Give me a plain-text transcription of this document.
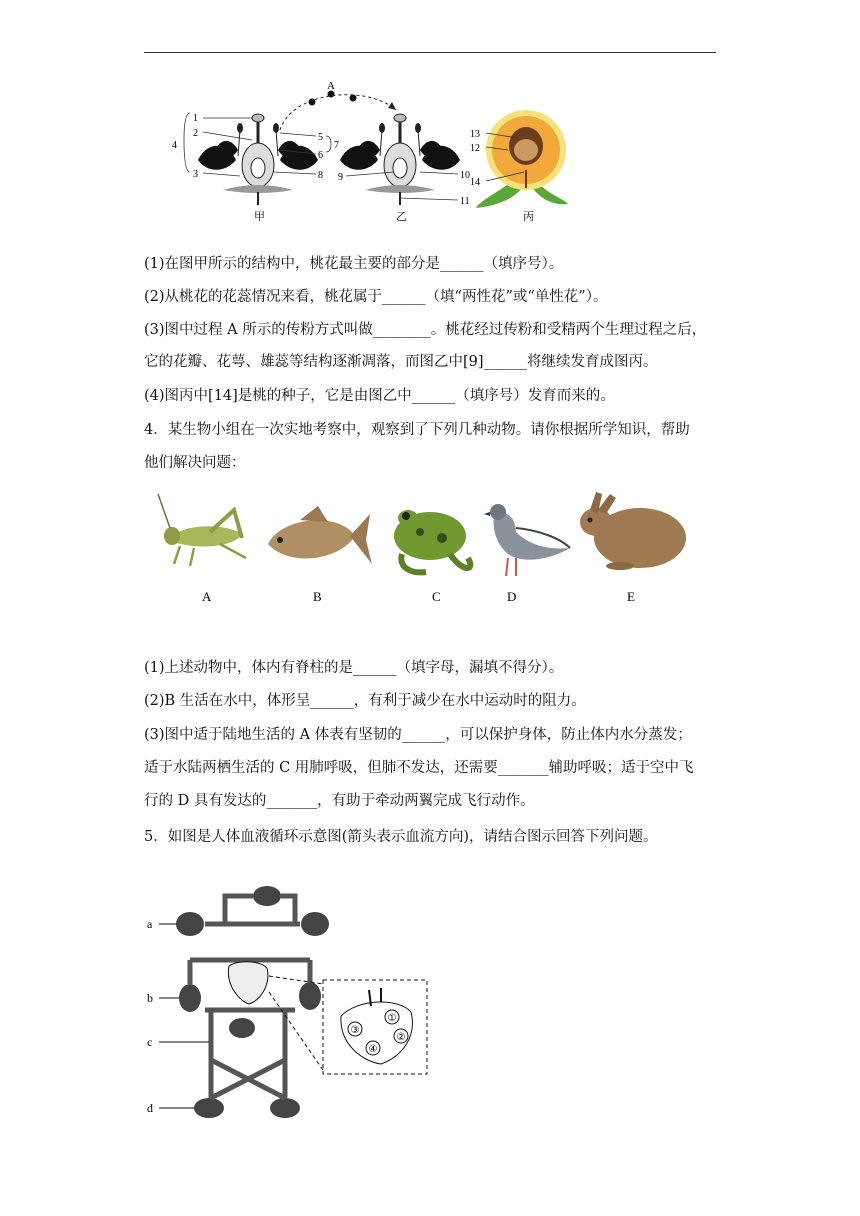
A
1
2
3
4
5
6
7
8 9	10
11
13
12
14
甲	乙	丙
(1)在图甲所示的结构中，桃花最主要的部分是______（填序号）。
(2)从桃花的花蕊情况来看，桃花属于______（填“两性花”或“单性花”）。
(3)图中过程 A 所示的传粉方式叫做________。桃花经过传粉和受精两个生理过程之后，
它的花瓣、花萼、雄蕊等结构逐渐凋落，而图乙中[9]______将继续发育成图丙。
(4)图丙中[14]是桃的种子，它是由图乙中______（填序号）发育而来的。
4．某生物小组在一次实地考察中，观察到了下列几种动物。请你根据所学知识，帮助
他们解决问题：
A	B	C	D	E
(1)上述动物中，体内有脊柱的是______（填字母，漏填不得分）。
(2)B 生活在水中，体形呈______，有利于减少在水中运动时的阻力。
(3)图中适于陆地生活的 A 体表有坚韧的______，可以保护身体，防止体内水分蒸发；
适于水陆两栖生活的 C 用肺呼吸，但肺不发达，还需要_______辅助呼吸；适于空中飞
行的 D 具有发达的_______，有助于牵动两翼完成飞行动作。
5．如图是人体血液循环示意图(箭头表示血流方向)，请结合图示回答下列问题。
a
b
c
d
①
②
③
④
